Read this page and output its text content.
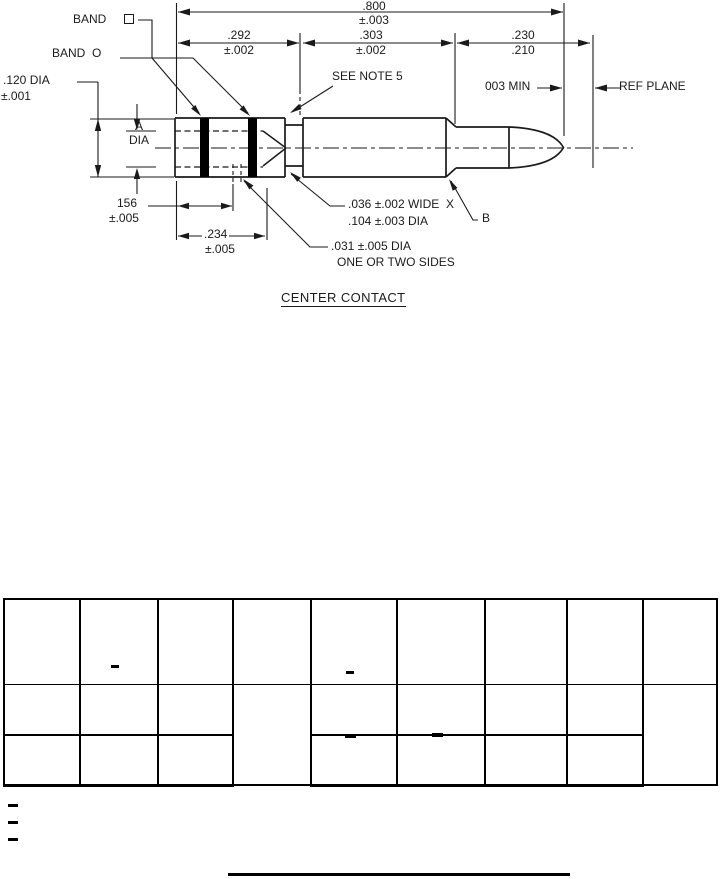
BAND
BAND  O
.800
±.003
.292
±.002
.303
±.002
.230
.210
.120 DIA
±.001
SEE NOTE 5
003 MIN	REF PLANE
A
DIA
156
±.005
.234
±.005
.036 ±.002 WIDE  X
.104 ±.003 DIA
.031 ±.005 DIA
ONE OR TWO SIDES
B
CENTER CONTACT
